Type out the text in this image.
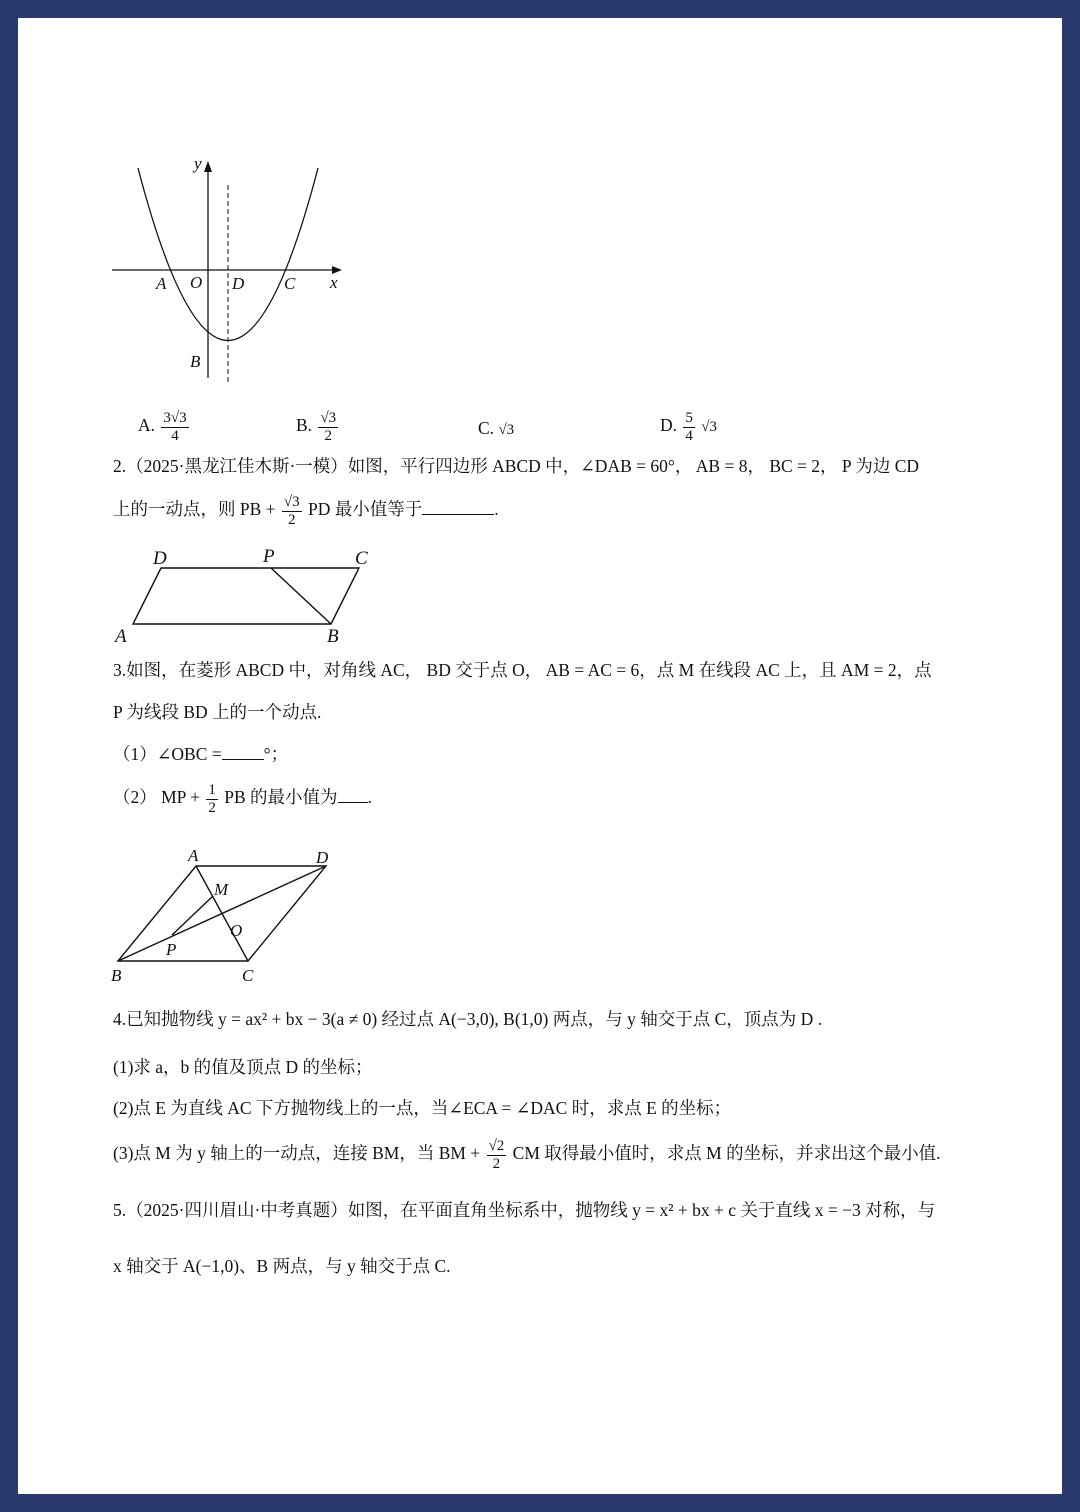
y
x
A O D C
B
A. $\frac{3√3}{4}$	B. $\frac{√3}{2}$	C. √3	D. $\frac{5}{4} √3$
2.（2025·黑龙江佳木斯·一模）如图，平行四边形 ABCD 中，∠DAB = 60°， AB = 8， BC = 2， P 为边 CD
上的一动点，则 PB + $\frac{√3}{2}$ PD 最小值等于	.
D	P	C
A	B
3.如图，在菱形 ABCD 中，对角线 AC， BD 交于点 O， AB = AC = 6，点 M 在线段 AC 上，且 AM = 2，点
P 为线段 BD 上的一个动点.
（1）∠OBC = °；
（2） MP + $\frac{1}{2}$ PB 的最小值为 .
A	D
M
O
P
B	C
4.已知抛物线 y = ax² + bx − 3(a ≠ 0) 经过点 A(−3,0), B(1,0) 两点，与 y 轴交于点 C，顶点为 D .
(1)求 a，b 的值及顶点 D 的坐标；
(2)点 E 为直线 AC 下方抛物线上的一点，当∠ECA = ∠DAC 时，求点 E 的坐标；
(3)点 M 为 y 轴上的一动点，连接 BM，当 BM + $\frac{√2}{2}$ CM 取得最小值时，求点 M 的坐标，并求出这个最小值.
5.（2025·四川眉山·中考真题）如图，在平面直角坐标系中，抛物线 y = x² + bx + c 关于直线 x = −3 对称，与
x 轴交于 A(−1,0)、B 两点，与 y 轴交于点 C.
